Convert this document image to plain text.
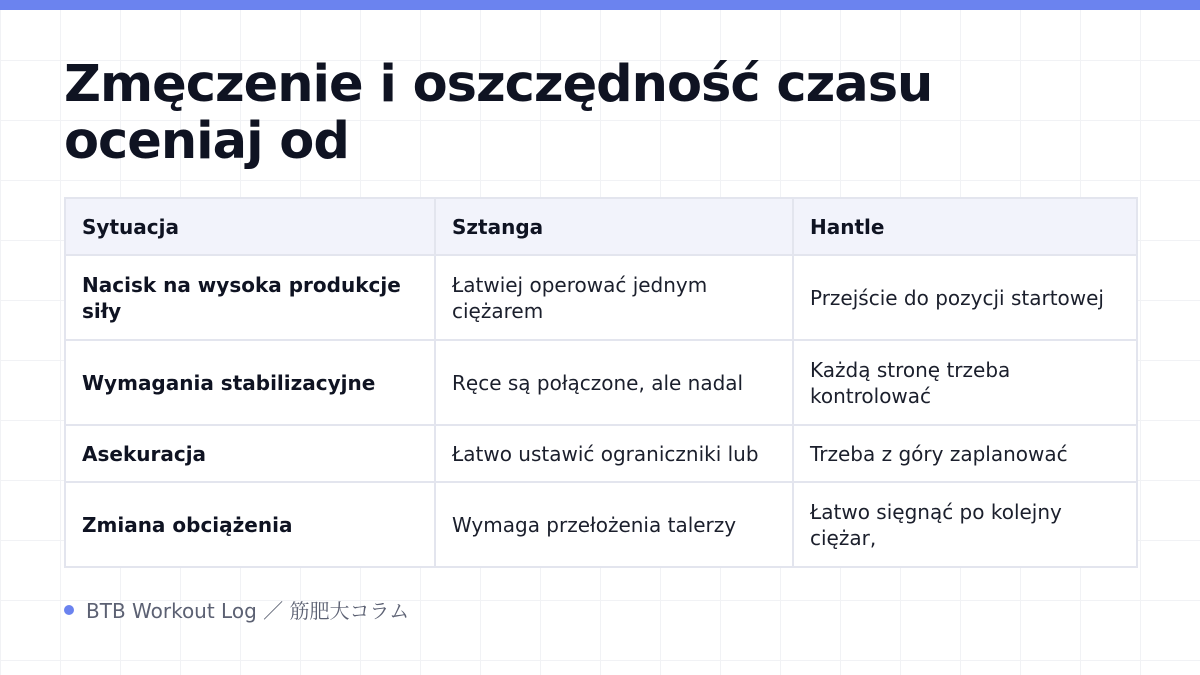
Zmęczenie i oszczędność czasu oceniaj od
Sytuacja	Sztanga	Hantle
Nacisk na wysoka produkcje siły	Łatwiej operować jednym ciężarem	Przejście do pozycji startowej
Wymagania stabilizacyjne	Ręce są połączone, ale nadal	Każdą stronę trzeba kontrolować
Asekuracja	Łatwo ustawić ograniczniki lub	Trzeba z góry zaplanować
Zmiana obciążenia	Wymaga przełożenia talerzy	Łatwo sięgnąć po kolejny ciężar,
BTB Workout Log ／ 筋肥大コラム
